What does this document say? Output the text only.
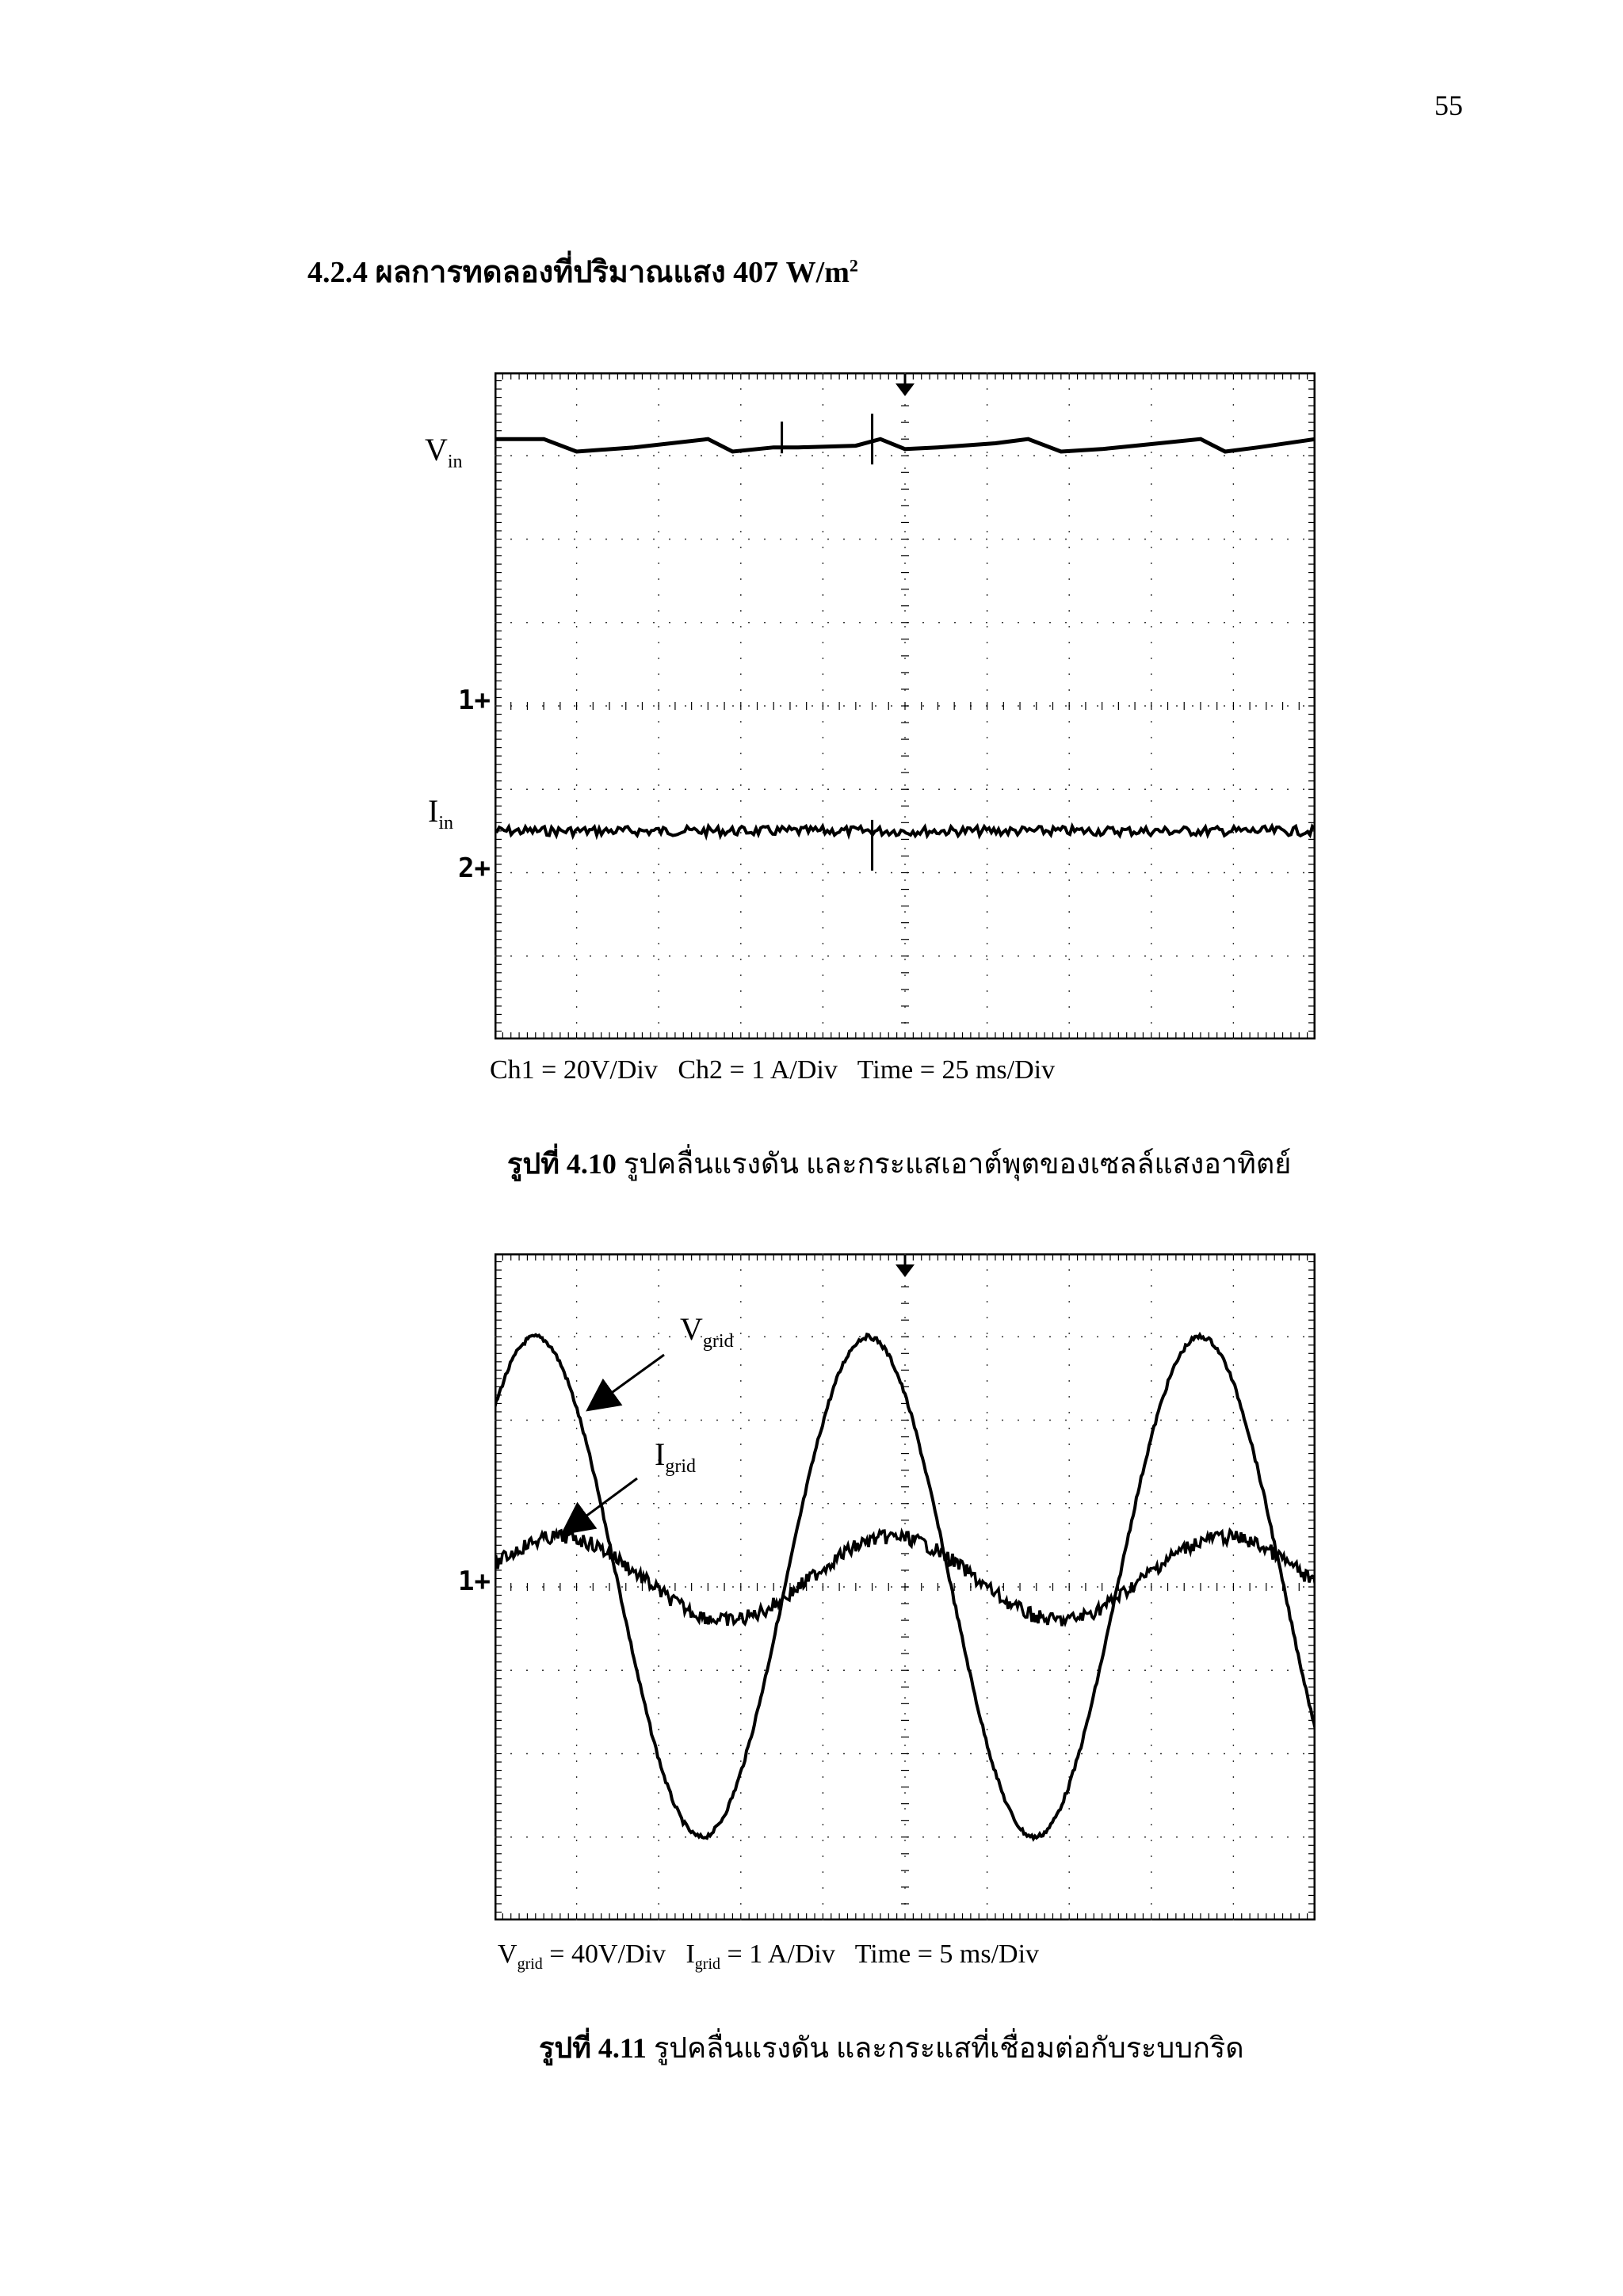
55
4.2.4 ผลการทดลองที่ปริมาณแสง 407 $W/m^2$
$V_{in}$
$I_{in}$
1+
2+
Ch1 = 20V/Div   Ch2 = 1 A/Div   Time = 25 ms/Div
รูปที่ 4.10 รูปคลื่นแรงดัน และกระแสเอาต์พุตของเซลล์แสงอาทิตย์
$V_{grid}$
$I_{grid}$
1+
$V_{grid} = 40V/Div$   $I_{grid} = 1$ A/Div   Time = 5 ms/Div
รูปที่ 4.11 รูปคลื่นแรงดัน และกระแสที่เชื่อมต่อกับระบบกริด
